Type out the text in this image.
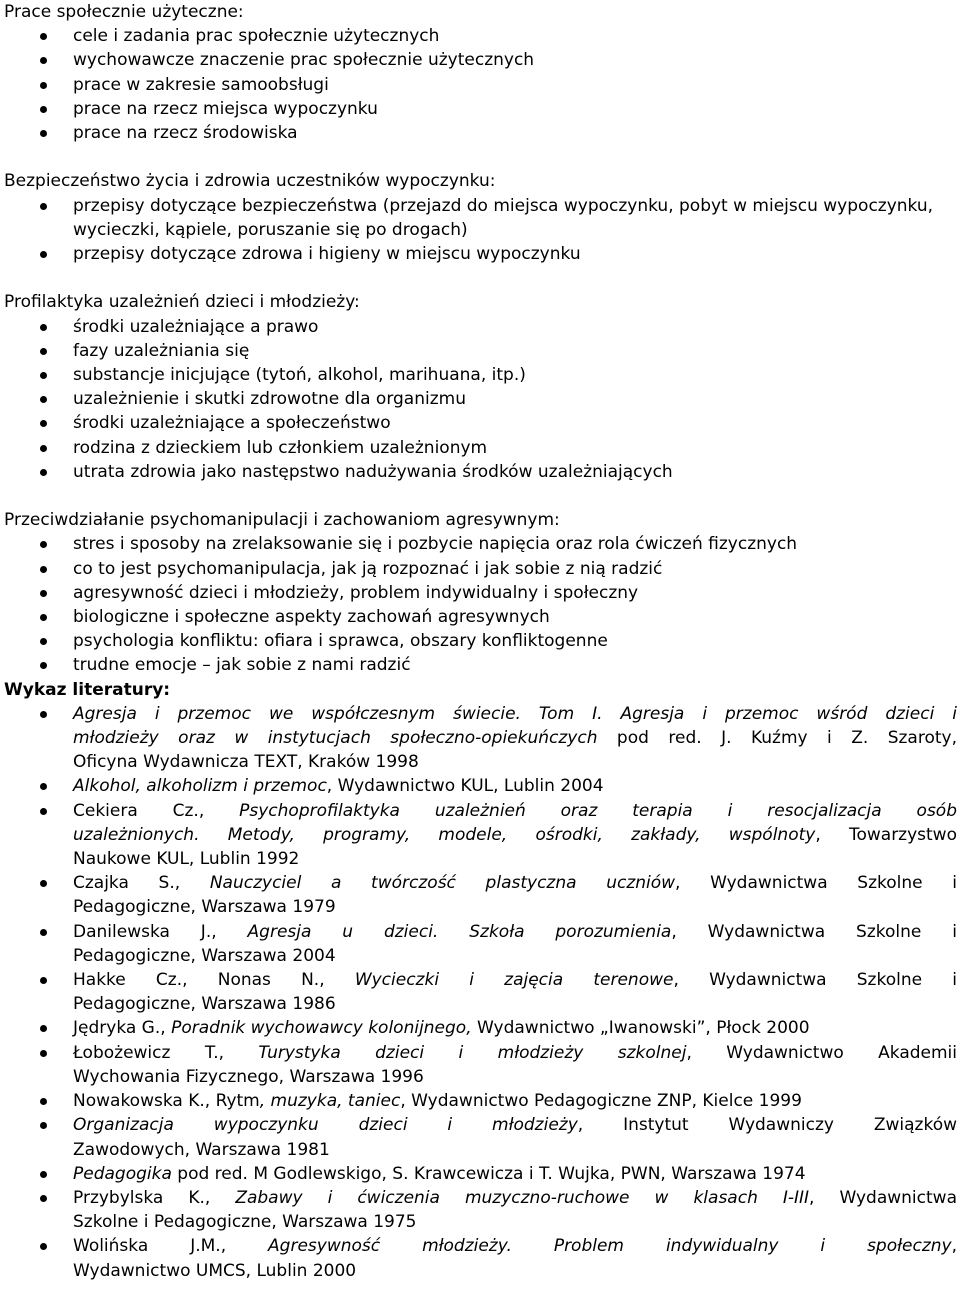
Prace społecznie użyteczne:
cele i zadania prac społecznie użytecznych
wychowawcze znaczenie prac społecznie użytecznych
prace w zakresie samoobsługi
prace na rzecz miejsca wypoczynku
prace na rzecz środowiska
Bezpieczeństwo życia i zdrowia uczestników wypoczynku:
przepisy dotyczące bezpieczeństwa (przejazd do miejsca wypoczynku, pobyt w miejscu wypoczynku, wycieczki, kąpiele, poruszanie się po drogach)
przepisy dotyczące zdrowa i higieny w miejscu wypoczynku
Profilaktyka uzależnień dzieci i młodzieży:
środki uzależniające a prawo
fazy uzależniania się
substancje inicjujące (tytoń, alkohol, marihuana, itp.)
uzależnienie i skutki zdrowotne dla organizmu
środki uzależniające a społeczeństwo
rodzina z dzieckiem lub członkiem uzależnionym
utrata zdrowia jako następstwo nadużywania środków uzależniających
Przeciwdziałanie psychomanipulacji i zachowaniom agresywnym:
stres i sposoby na zrelaksowanie się i pozbycie napięcia oraz rola ćwiczeń fizycznych
co to jest psychomanipulacja, jak ją rozpoznać i jak sobie z nią radzić
agresywność dzieci i młodzieży, problem indywidualny i społeczny
biologiczne i społeczne aspekty zachowań agresywnych
psychologia konfliktu: ofiara i sprawca, obszary konfliktogenne
trudne emocje – jak sobie z nami radzić
Wykaz literatury:
Agresja i przemoc we współczesnym świecie. Tom I. Agresja i przemoc wśród dzieci i
młodzieży oraz w instytucjach społeczno-opiekuńczych pod red. J. Kuźmy i Z. Szaroty,
Oficyna Wydawnicza TEXT, Kraków 1998
Alkohol, alkoholizm i przemoc, Wydawnictwo KUL, Lublin 2004
Cekiera Cz., Psychoprofilaktyka uzależnień oraz terapia i resocjalizacja osób
uzależnionych. Metody, programy, modele, ośrodki, zakłady, wspólnoty, Towarzystwo
Naukowe KUL, Lublin 1992
Czajka S., Nauczyciel a twórczość plastyczna uczniów, Wydawnictwa Szkolne i
Pedagogiczne, Warszawa 1979
Danilewska J., Agresja u dzieci. Szkoła porozumienia, Wydawnictwa Szkolne i
Pedagogiczne, Warszawa 2004
Hakke Cz., Nonas N., Wycieczki i zajęcia terenowe, Wydawnictwa Szkolne i
Pedagogiczne, Warszawa 1986
Jędryka G., Poradnik wychowawcy kolonijnego, Wydawnictwo „Iwanowski”, Płock 2000
Łobożewicz T., Turystyka dzieci i młodzieży szkolnej, Wydawnictwo Akademii
Wychowania Fizycznego, Warszawa 1996
Nowakowska K., Rytm, muzyka, taniec, Wydawnictwo Pedagogiczne ZNP, Kielce 1999
Organizacja wypoczynku dzieci i młodzieży, Instytut Wydawniczy Związków
Zawodowych, Warszawa 1981
Pedagogika pod red. M Godlewskigo, S. Krawcewicza i T. Wujka, PWN, Warszawa 1974
Przybylska K., Zabawy i ćwiczenia muzyczno-ruchowe w klasach I-III, Wydawnictwa
Szkolne i Pedagogiczne, Warszawa 1975
Wolińska J.M., Agresywność młodzieży. Problem indywidualny i społeczny,
Wydawnictwo UMCS, Lublin 2000
